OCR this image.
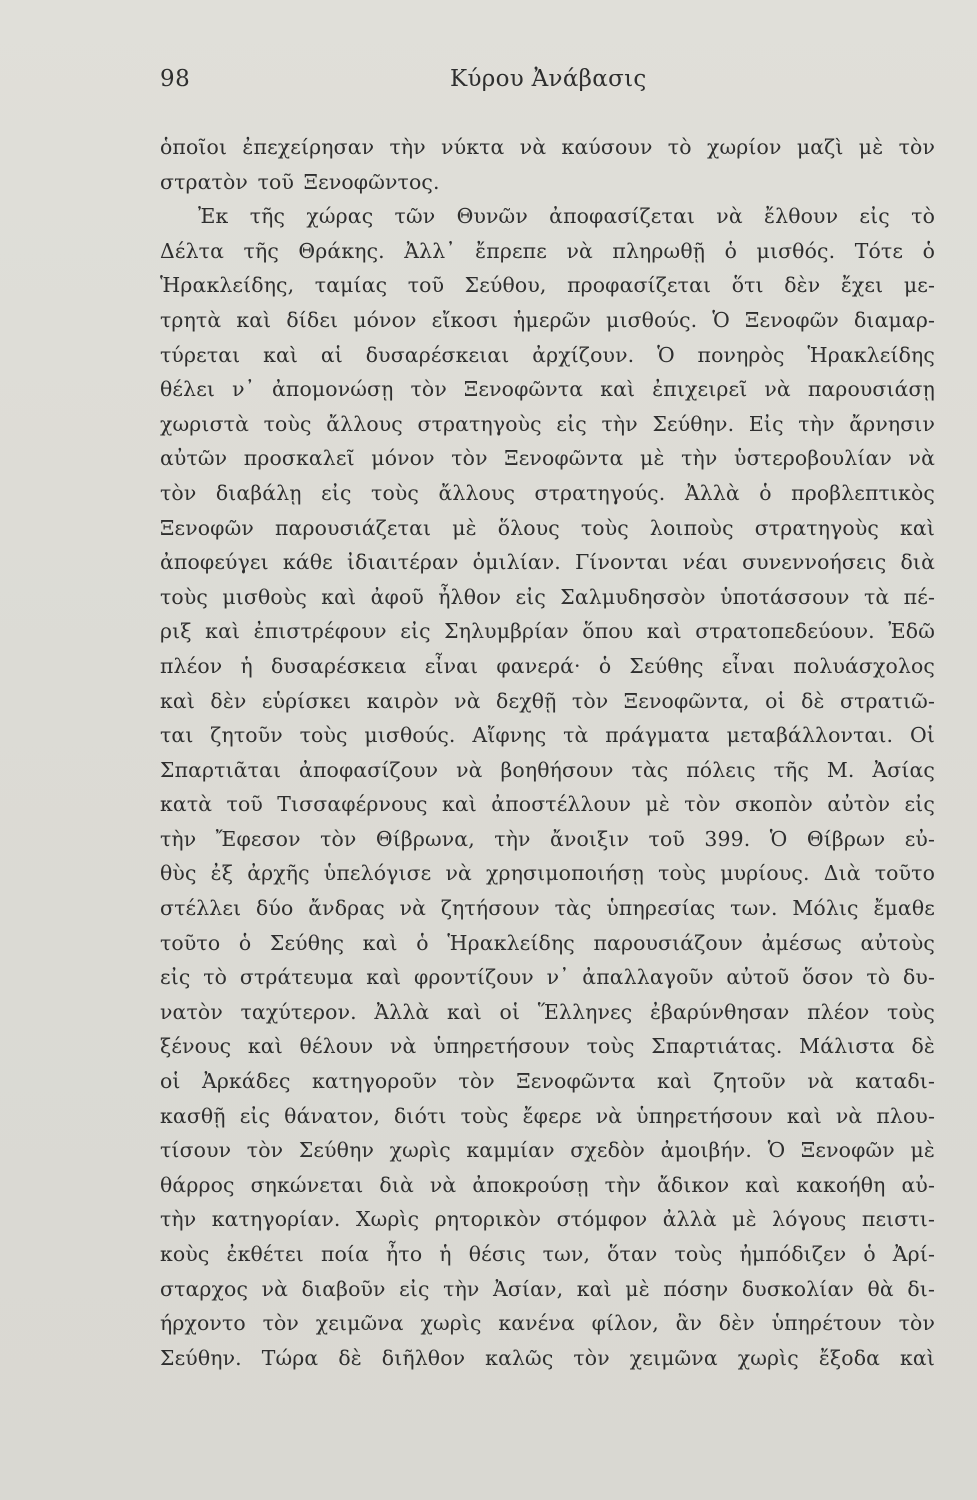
98	Κύρου Ἀνάβασις
ὁποῖοι ἐπεχείρησαν τὴν νύκτα νὰ καύσουν τὸ χωρίον μαζὶ μὲ τὸν
στρατὸν τοῦ Ξενοφῶντος.
Ἐκ τῆς χώρας τῶν Θυνῶν ἀποφασίζεται νὰ ἔλθουν εἰς τὸ
Δέλτα τῆς Θράκης. Ἀλλ᾿ ἔπρεπε νὰ πληρωθῇ ὁ μισθός. Τότε ὁ
Ἡρακλείδης, ταμίας τοῦ Σεύθου, προφασίζεται ὅτι δὲν ἔχει με-
τρητὰ καὶ δίδει μόνον εἴκοσι ἡμερῶν μισθούς. Ὁ Ξενοφῶν διαμαρ-
τύρεται καὶ αἱ δυσαρέσκειαι ἀρχίζουν. Ὁ πονηρὸς Ἡρακλείδης
θέλει ν᾿ ἀπομονώσῃ τὸν Ξενοφῶντα καὶ ἐπιχειρεῖ νὰ παρουσιάσῃ
χωριστὰ τοὺς ἄλλους στρατηγοὺς εἰς τὴν Σεύθην. Εἰς τὴν ἄρνησιν
αὐτῶν προσκαλεῖ μόνον τὸν Ξενοφῶντα μὲ τὴν ὑστεροβουλίαν νὰ
τὸν διαβάλῃ εἰς τοὺς ἄλλους στρατηγούς. Ἀλλὰ ὁ προβλεπτικὸς
Ξενοφῶν παρουσιάζεται μὲ ὅλους τοὺς λοιποὺς στρατηγοὺς καὶ
ἀποφεύγει κάθε ἰδιαιτέραν ὁμιλίαν. Γίνονται νέαι συνεννοήσεις διὰ
τοὺς μισθοὺς καὶ ἀφοῦ ἦλθον εἰς Σαλμυδησσὸν ὑποτάσσουν τὰ πέ-
ριξ καὶ ἐπιστρέφουν εἰς Σηλυμβρίαν ὅπου καὶ στρατοπεδεύουν. Ἐδῶ
πλέον ἡ δυσαρέσκεια εἶναι φανερά· ὁ Σεύθης εἶναι πολυάσχολος
καὶ δὲν εὑρίσκει καιρὸν νὰ δεχθῇ τὸν Ξενοφῶντα, οἱ δὲ στρατιῶ-
ται ζητοῦν τοὺς μισθούς. Αἴφνης τὰ πράγματα μεταβάλλονται. Οἱ
Σπαρτιᾶται ἀποφασίζουν νὰ βοηθήσουν τὰς πόλεις τῆς Μ. Ἀσίας
κατὰ τοῦ Τισσαφέρνους καὶ ἀποστέλλουν μὲ τὸν σκοπὸν αὐτὸν εἰς
τὴν Ἔφεσον τὸν Θίβρωνα, τὴν ἄνοιξιν τοῦ 399. Ὁ Θίβρων εὐ-
θὺς ἐξ ἀρχῆς ὑπελόγισε νὰ χρησιμοποιήσῃ τοὺς μυρίους. Διὰ τοῦτο
στέλλει δύο ἄνδρας νὰ ζητήσουν τὰς ὑπηρεσίας των. Μόλις ἔμαθε
τοῦτο ὁ Σεύθης καὶ ὁ Ἡρακλείδης παρουσιάζουν ἀμέσως αὐτοὺς
εἰς τὸ στράτευμα καὶ φροντίζουν ν᾿ ἀπαλλαγοῦν αὐτοῦ ὅσον τὸ δυ-
νατὸν ταχύτερον. Ἀλλὰ καὶ οἱ Ἕλληνες ἐβαρύνθησαν πλέον τοὺς
ξένους καὶ θέλουν νὰ ὑπηρετήσουν τοὺς Σπαρτιάτας. Μάλιστα δὲ
οἱ Ἀρκάδες κατηγοροῦν τὸν Ξενοφῶντα καὶ ζητοῦν νὰ καταδι-
κασθῇ εἰς θάνατον, διότι τοὺς ἔφερε νὰ ὑπηρετήσουν καὶ νὰ πλου-
τίσουν τὸν Σεύθην χωρὶς καμμίαν σχεδὸν ἀμοιβήν. Ὁ Ξενοφῶν μὲ
θάρρος σηκώνεται διὰ νὰ ἀποκρούσῃ τὴν ἄδικον καὶ κακοήθη αὐ-
τὴν κατηγορίαν. Χωρὶς ρητορικὸν στόμφον ἀλλὰ μὲ λόγους πειστι-
κοὺς ἐκθέτει ποία ἦτο ἡ θέσις των, ὅταν τοὺς ἠμπόδιζεν ὁ Ἀρί-
σταρχος νὰ διαβοῦν εἰς τὴν Ἀσίαν, καὶ μὲ πόσην δυσκολίαν θὰ δι-
ήρχοντο τὸν χειμῶνα χωρὶς κανένα φίλον, ἂν δὲν ὑπηρέτουν τὸν
Σεύθην. Τώρα δὲ διῆλθον καλῶς τὸν χειμῶνα χωρὶς ἔξοδα καὶ
